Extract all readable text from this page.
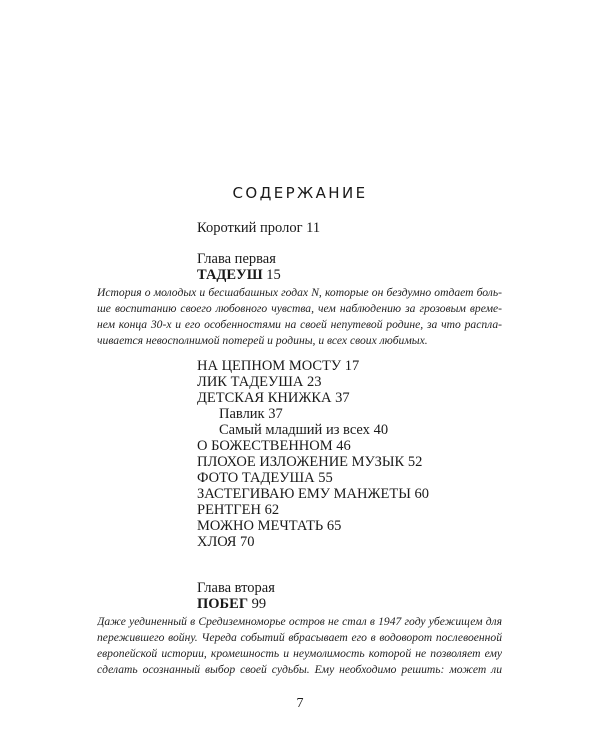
СОДЕРЖАНИЕ
Короткий пролог 11
Глава первая
ТАДЕУШ 15
История о молодых и бесшабашных годах N, которые он бездумно отдает боль-
ше воспитанию своего любовного чувства, чем наблюдению за грозовым време-
нем конца 30-х и его особенностями на своей непутевой родине, за что распла-
чивается невосполнимой потерей и родины, и всех своих любимых.
НА ЦЕПНОМ МОСТУ 17
ЛИК ТАДЕУША 23
ДЕТСКАЯ КНИЖКА 37
Павлик 37
Самый младший из всех 40
О БОЖЕСТВЕННОМ 46
ПЛОХОЕ ИЗЛОЖЕНИЕ МУЗЫК 52
ФОТО ТАДЕУША 55
ЗАСТЕГИВАЮ ЕМУ МАНЖЕТЫ 60
РЕНТГЕН 62
МОЖНО МЕЧТАТЬ 65
ХЛОЯ 70
Глава вторая
ПОБЕГ 99
Даже уединенный в Средиземноморье остров не стал в 1947 году убежищем для
пережившего войну. Череда событий вбрасывает его в водоворот послевоенной
европейской истории, кромешность и неумолимость которой не позволяет ему
сделать осознанный выбор своей судьбы. Ему необходимо решить: может ли
7
